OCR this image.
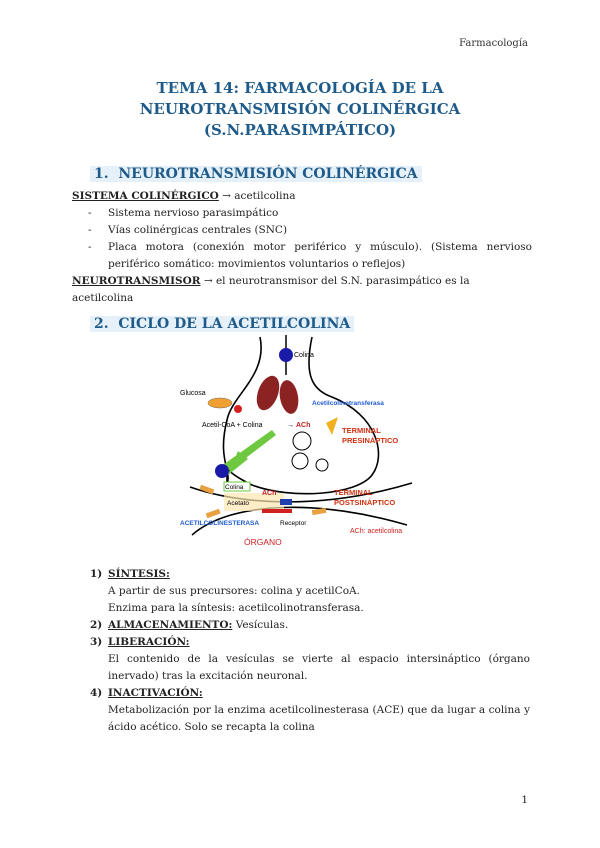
Farmacología
TEMA 14: FARMACOLOGÍA DE LA
NEUROTRANSMISIÓN COLINÉRGICA
(S.N.PARASIMPÁTICO)
1.  NEUROTRANSMISIÓN COLINÉRGICA
SISTEMA COLINÉRGICO → acetilcolina
- Sistema nervioso parasimpático
- Vías colinérgicas centrales (SNC)
- Placa motora (conexión motor periférico y músculo). (Sistema nervioso periférico somático: movimientos voluntarios o reflejos)
NEUROTRANSMISOR → el neurotransmisor del S.N. parasimpático es la acetilcolina
2.  CICLO DE LA ACETILCOLINA
Colina
Glucosa
Acetilcolinotransferasa
Acetil-CoA + Colina	→ ACh
TERMINAL
PRESINÁPTICO
Colina
Acetato
ACh	TERMINAL
POSTSINÁPTICO
ACETILCOLINESTERASA	Receptor
ACh: acetilcolina
ÓRGANO
1) SÍNTESIS:
A partir de sus precursores: colina y acetilCoA.
Enzima para la síntesis: acetilcolinotransferasa.
2) ALMACENAMIENTO: Vesículas.
3) LIBERACIÓN:
El contenido de la vesículas se vierte al espacio intersináptico (órgano inervado) tras la excitación neuronal.
4) INACTIVACIÓN:
Metabolización por la enzima acetilcolinesterasa (ACE) que da lugar a colina y ácido acético. Solo se recapta la colina
1
